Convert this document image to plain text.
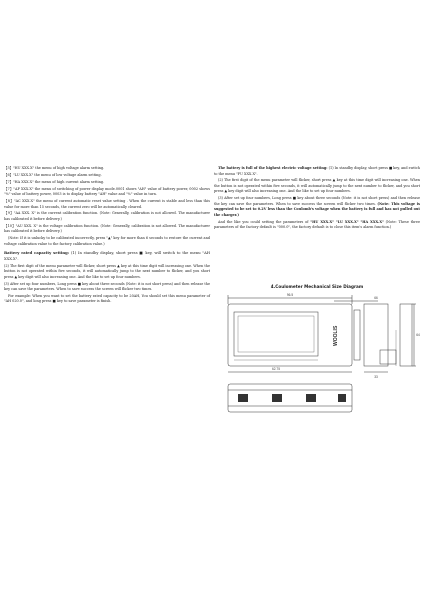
【5】"HU XXX.X" the menu of high voltage alarm setting.

【6】"LU XXX.X" the menu of low voltage alarm setting.

【7】"HA XXX.X" the menu of high current alarm setting.

【7】"AP XXX.X" the menu of switching of power display mode.0001 shows "AH" value of battery power, 0002 shows "%" value of battery power, 0003 is to display battery "AH" value and "%" value in turn.

【8】"AC XXX.X" the menu of current automatic reset value setting . When the current is stable and less than this value for more than 15 seconds, the current zero will be automatically cleared.

【9】"AA XXX. X" is the current calibration function. (Note: Generally, calibration is not allowed. The manufacturer has calibrated it before delivery.)

【10】"AU XXX. X" is the voltage calibration function. (Note: Generally, calibration is not allowed. The manufacturer has calibrated it before delivery.)

(Note: If it is unlucky to be calibrated incorrectly, press "▲" key for more than 6 seconds to restore the current and voltage calibration value to the factory calibration value.)

Battery rated capacity setting: (1) In standby display, short press ■ key, will switch to the menu "AH XXX.X".

(2) The first digit of the menu parameter will flicker, short press ▲ key at this time digit will increasing one. When the button is not operated within five seconds, it will automatically jump to the next number to flicker, and you short press ▲ key digit will also increasing one. And the like to set up four numbers.

(3) After set up four numbers, Long press ■ key about three seconds (Note: it is not short press) and then release the key can save the parameters. When to save success the screen will flicker two times.

For example: When you want to set the battery rated capacity to be 20AH, You should set this menu parameter of "AH 020.0", and long press ■ key to save parameter is finish.

The battery is full of the highest electric voltage setting: (1) In standby display, short press ■ key, and switch to the menu "FU XXX.X".

(2) The first digit of the menu parameter will flicker, short press ▲ key at this time digit will increasing one. When the button is not operated within five seconds, it will automatically jump to the next number to flicker, and you short press ▲ key digit will also increasing one. And the like to set up four numbers.

(3) After set up four numbers, Long press ■ key about three seconds (Note: it is not short press) and then release the key can save the parameters. When to save success the screen will flicker two times. (Note: This voltage is suggested to be set to 0.2V less than the Coulomb's voltage when the battery is full and has not pulled out the charger.)

And the like you could setting the parameters of "HU XXX.X" "LU XXX.X" "HA XXX.X" (Note: These three parameters of the factory default is "000.0", the factory default is to close this item's alarm function.)

4.Coulometer Mechanical Size Diagram
WOOLIS
96.5
62.75
66
33
64
